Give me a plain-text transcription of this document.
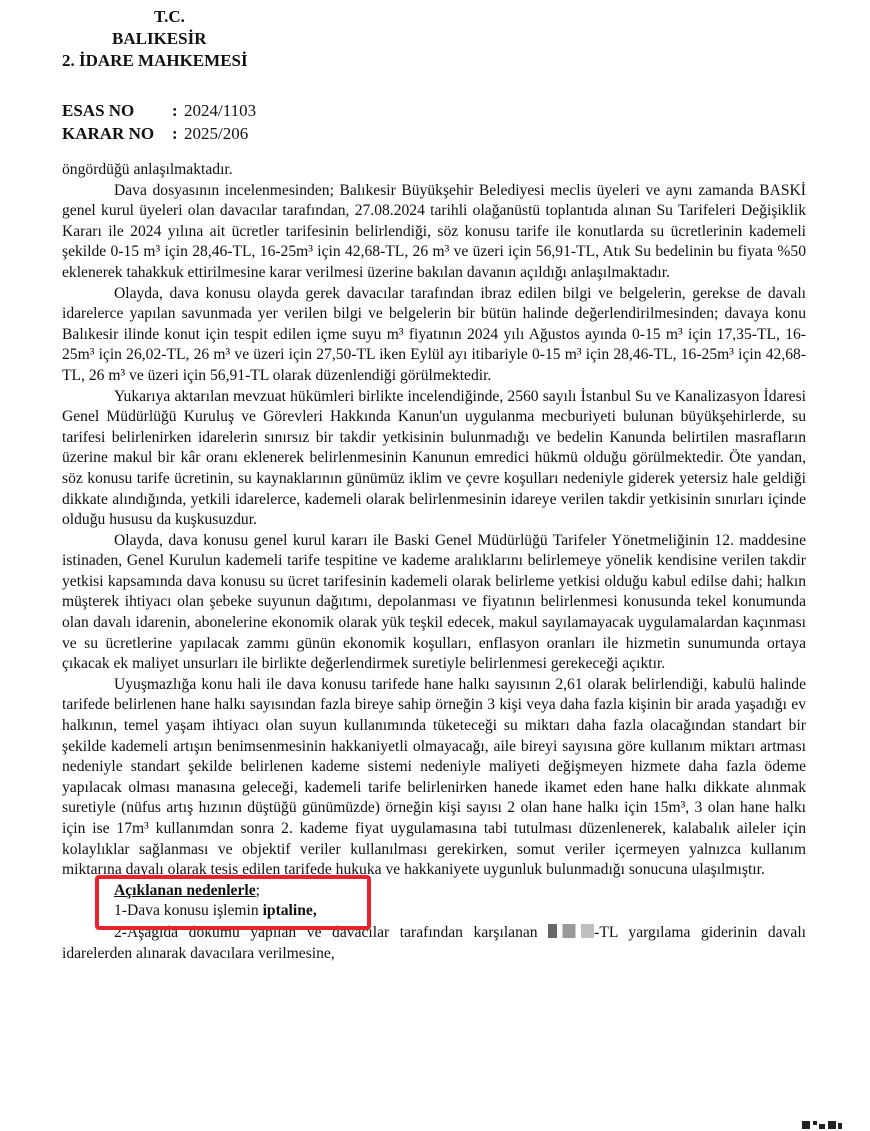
T.C.
BALIKESİR
2. İDARE MAHKEMESİ
ESAS NO	: 2024/1103
KARAR NO	: 2025/206

öngördüğü anlaşılmaktadır.

Dava dosyasının incelenmesinden; Balıkesir Büyükşehir Belediyesi meclis üyeleri ve aynı zamanda BASKİ genel kurul üyeleri olan davacılar tarafından, 27.08.2024 tarihli olağanüstü toplantıda alınan Su Tarifeleri Değişiklik Kararı ile 2024 yılına ait ücretler tarifesinin belirlendiği, söz konusu tarife ile konutlarda su ücretlerinin kademeli şekilde 0-15 m³ için 28,46-TL, 16-25m³ için 42,68-TL, 26 m³ ve üzeri için 56,91-TL, Atık Su bedelinin bu fiyata %50 eklenerek tahakkuk ettirilmesine karar verilmesi üzerine bakılan davanın açıldığı anlaşılmaktadır.

Olayda, dava konusu olayda gerek davacılar tarafından ibraz edilen bilgi ve belgelerin, gerekse de davalı idarelerce yapılan savunmada yer verilen bilgi ve belgelerin bir bütün halinde değerlendirilmesinden; davaya konu Balıkesir ilinde konut için tespit edilen içme suyu m³ fiyatının 2024 yılı Ağustos ayında 0-15 m³ için 17,35-TL, 16-25m³ için 26,02-TL, 26 m³ ve üzeri için 27,50-TL iken Eylül ayı itibariyle 0-15 m³ için 28,46-TL, 16-25m³ için 42,68-TL, 26 m³ ve üzeri için 56,91-TL olarak düzenlendiği görülmektedir.

Yukarıya aktarılan mevzuat hükümleri birlikte incelendiğinde, 2560 sayılı İstanbul Su ve Kanalizasyon İdaresi Genel Müdürlüğü Kuruluş ve Görevleri Hakkında Kanun'un uygulanma mecburiyeti bulunan büyükşehirlerde, su tarifesi belirlenirken idarelerin sınırsız bir takdir yetkisinin bulunmadığı ve bedelin Kanunda belirtilen masrafların üzerine makul bir kâr oranı eklenerek belirlenmesinin Kanunun emredici hükmü olduğu görülmektedir. Öte yandan, söz konusu tarife ücretinin, su kaynaklarının günümüz iklim ve çevre koşulları nedeniyle giderek yetersiz hale geldiği dikkate alındığında, yetkili idarelerce, kademeli olarak belirlenmesinin idareye verilen takdir yetkisinin sınırları içinde olduğu hususu da kuşkusuzdur.

Olayda, dava konusu genel kurul kararı ile Baski Genel Müdürlüğü Tarifeler Yönetmeliğinin 12. maddesine istinaden, Genel Kurulun kademeli tarife tespitine ve kademe aralıklarını belirlemeye yönelik kendisine verilen takdir yetkisi kapsamında dava konusu su ücret tarifesinin kademeli olarak belirleme yetkisi olduğu kabul edilse dahi; halkın müşterek ihtiyacı olan şebeke suyunun dağıtımı, depolanması ve fiyatının belirlenmesi konusunda tekel konumunda olan davalı idarenin, abonelerine ekonomik olarak yük teşkil edecek, makul sayılamayacak uygulamalardan kaçınması ve su ücretlerine yapılacak zammı günün ekonomik koşulları, enflasyon oranları ile hizmetin sunumunda ortaya çıkacak ek maliyet unsurları ile birlikte değerlendirmek suretiyle belirlenmesi gerekeceği açıktır.

Uyuşmazlığa konu hali ile dava konusu tarifede hane halkı sayısının 2,61 olarak belirlendiği, kabulü halinde tarifede belirlenen hane halkı sayısından fazla bireye sahip örneğin 3 kişi veya daha fazla kişinin bir arada yaşadığı ev halkının, temel yaşam ihtiyacı olan suyun kullanımında tüketeceği su miktarı daha fazla olacağından standart bir şekilde kademeli artışın benimsenmesinin hakkaniyetli olmayacağı, aile bireyi sayısına göre kullanım miktarı artması nedeniyle standart şekilde belirlenen kademe sistemi nedeniyle maliyeti değişmeyen hizmete daha fazla ödeme yapılacak olması manasına geleceği, kademeli tarife belirlenirken hanede ikamet eden hane halkı dikkate alınmak suretiyle (nüfus artış hızının düştüğü günümüzde) örneğin kişi sayısı 2 olan hane halkı için 15m³, 3 olan hane halkı için ise 17m³ kullanımdan sonra 2. kademe fiyat uygulamasına tabi tutulması düzenlenerek, kalabalık aileler için kolaylıklar sağlanması ve objektif veriler kullanılması gerekirken, somut veriler içermeyen yalnızca kullanım miktarına dayalı olarak tesis edilen tarifede hukuka ve hakkaniyete uygunluk bulunmadığı sonucuna ulaşılmıştır.

Açıklanan nedenlerle;
1-Dava konusu işlemin iptaline,

2-Aşağıda dökümü yapılan ve davacılar tarafından karşılanan	-TL yargılama giderinin davalı idarelerden alınarak davacılara verilmesine,
